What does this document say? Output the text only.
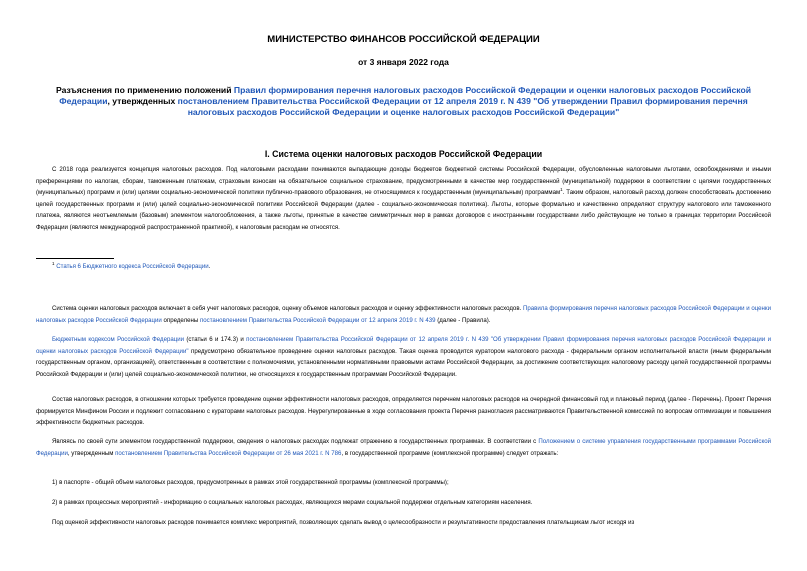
МИНИСТЕРСТВО ФИНАНСОВ РОССИЙСКОЙ ФЕДЕРАЦИИ
от 3 января 2022 года
Разъяснения по применению положений Правил формирования перечня налоговых расходов Российской Федерации и оценки налоговых расходов Российской Федерации, утвержденных постановлением Правительства Российской Федерации от 12 апреля 2019 г. N 439 "Об утверждении Правил формирования перечня налоговых расходов Российской Федерации и оценке налоговых расходов Российской Федерации"
I. Система оценки налоговых расходов Российской Федерации
С 2018 года реализуется концепция налоговых расходов. Под налоговыми расходами понимаются выпадающие доходы бюджетов бюджетной системы Российской Федерации, обусловленные налоговыми льготами, освобождениями и иными преференциями по налогам, сборам, таможенным платежам, страховым взносам на обязательное социальное страхование, предусмотренными в качестве мер государственной (муниципальной) поддержки в соответствии с целями государственных (муниципальных) программ и (или) целями социально-экономической политики публично-правового образования, не относящимися к государственным (муниципальным) программам$^1$. Таким образом, налоговый расход должен способствовать достижению целей государственных программ и (или) целей социально-экономической политики Российской Федерации (далее - социально-экономическая политика). Льготы, которые формально и качественно определяют структуру налогового или таможенного платежа, являются неотъемлемым (базовым) элементом налогообложения, а также льготы, принятые в качестве симметричных мер в рамках договоров с иностранными государствами либо действующие не только в границах территории Российской Федерации (являются международной распространенной практикой), к налоговым расходам не относятся.
$^1$ Статья 6 Бюджетного кодекса Российской Федерации.
Система оценки налоговых расходов включает в себя учет налоговых расходов, оценку объемов налоговых расходов и оценку эффективности налоговых расходов. Правила формирования перечня налоговых расходов Российской Федерации и оценки налоговых расходов Российской Федерации определены постановлением Правительства Российской Федерации от 12 апреля 2019 г. N 439 (далее - Правила).
Бюджетным кодексом Российской Федерации (статьи 6 и 174.3) и постановлением Правительства Российской Федерации от 12 апреля 2019 г. N 439 "Об утверждении Правил формирования перечня налоговых расходов Российской Федерации и оценки налоговых расходов Российской Федерации" предусмотрено обязательное проведение оценки налоговых расходов. Такая оценка проводится куратором налогового расхода - федеральным органом исполнительной власти (иным федеральным государственным органом, организацией), ответственным в соответствии с полномочиями, установленными нормативными правовыми актами Российской Федерации, за достижение соответствующих налоговому расходу целей государственной программы Российской Федерации и (или) целей социально-экономической политики, не относящихся к государственным программам Российской Федерации.
Состав налоговых расходов, в отношении которых требуется проведение оценки эффективности налоговых расходов, определяется перечнем налоговых расходов на очередной финансовый год и плановый период (далее - Перечень). Проект Перечня формируется Минфином России и подлежит согласованию с кураторами налоговых расходов. Неурегулированные в ходе согласования проекта Перечня разногласия рассматриваются Правительственной комиссией по вопросам оптимизации и повышения эффективности бюджетных расходов.
Являясь по своей сути элементом государственной поддержки, сведения о налоговых расходах подлежат отражению в государственных программах. В соответствии с Положением о системе управления государственными программами Российской Федерации, утвержденным постановлением Правительства Российской Федерации от 26 мая 2021 г. N 786, в государственной программе (комплексной программе) следует отражать:
1) в паспорте - общий объем налоговых расходов, предусмотренных в рамках этой государственной программы (комплексной программы);
2) в рамках процессных мероприятий - информацию о социальных налоговых расходах, являющихся мерами социальной поддержки отдельным категориям населения.
Под оценкой эффективности налоговых расходов понимается комплекс мероприятий, позволяющих сделать вывод о целесообразности и результативности предоставления плательщикам льгот исходя из
